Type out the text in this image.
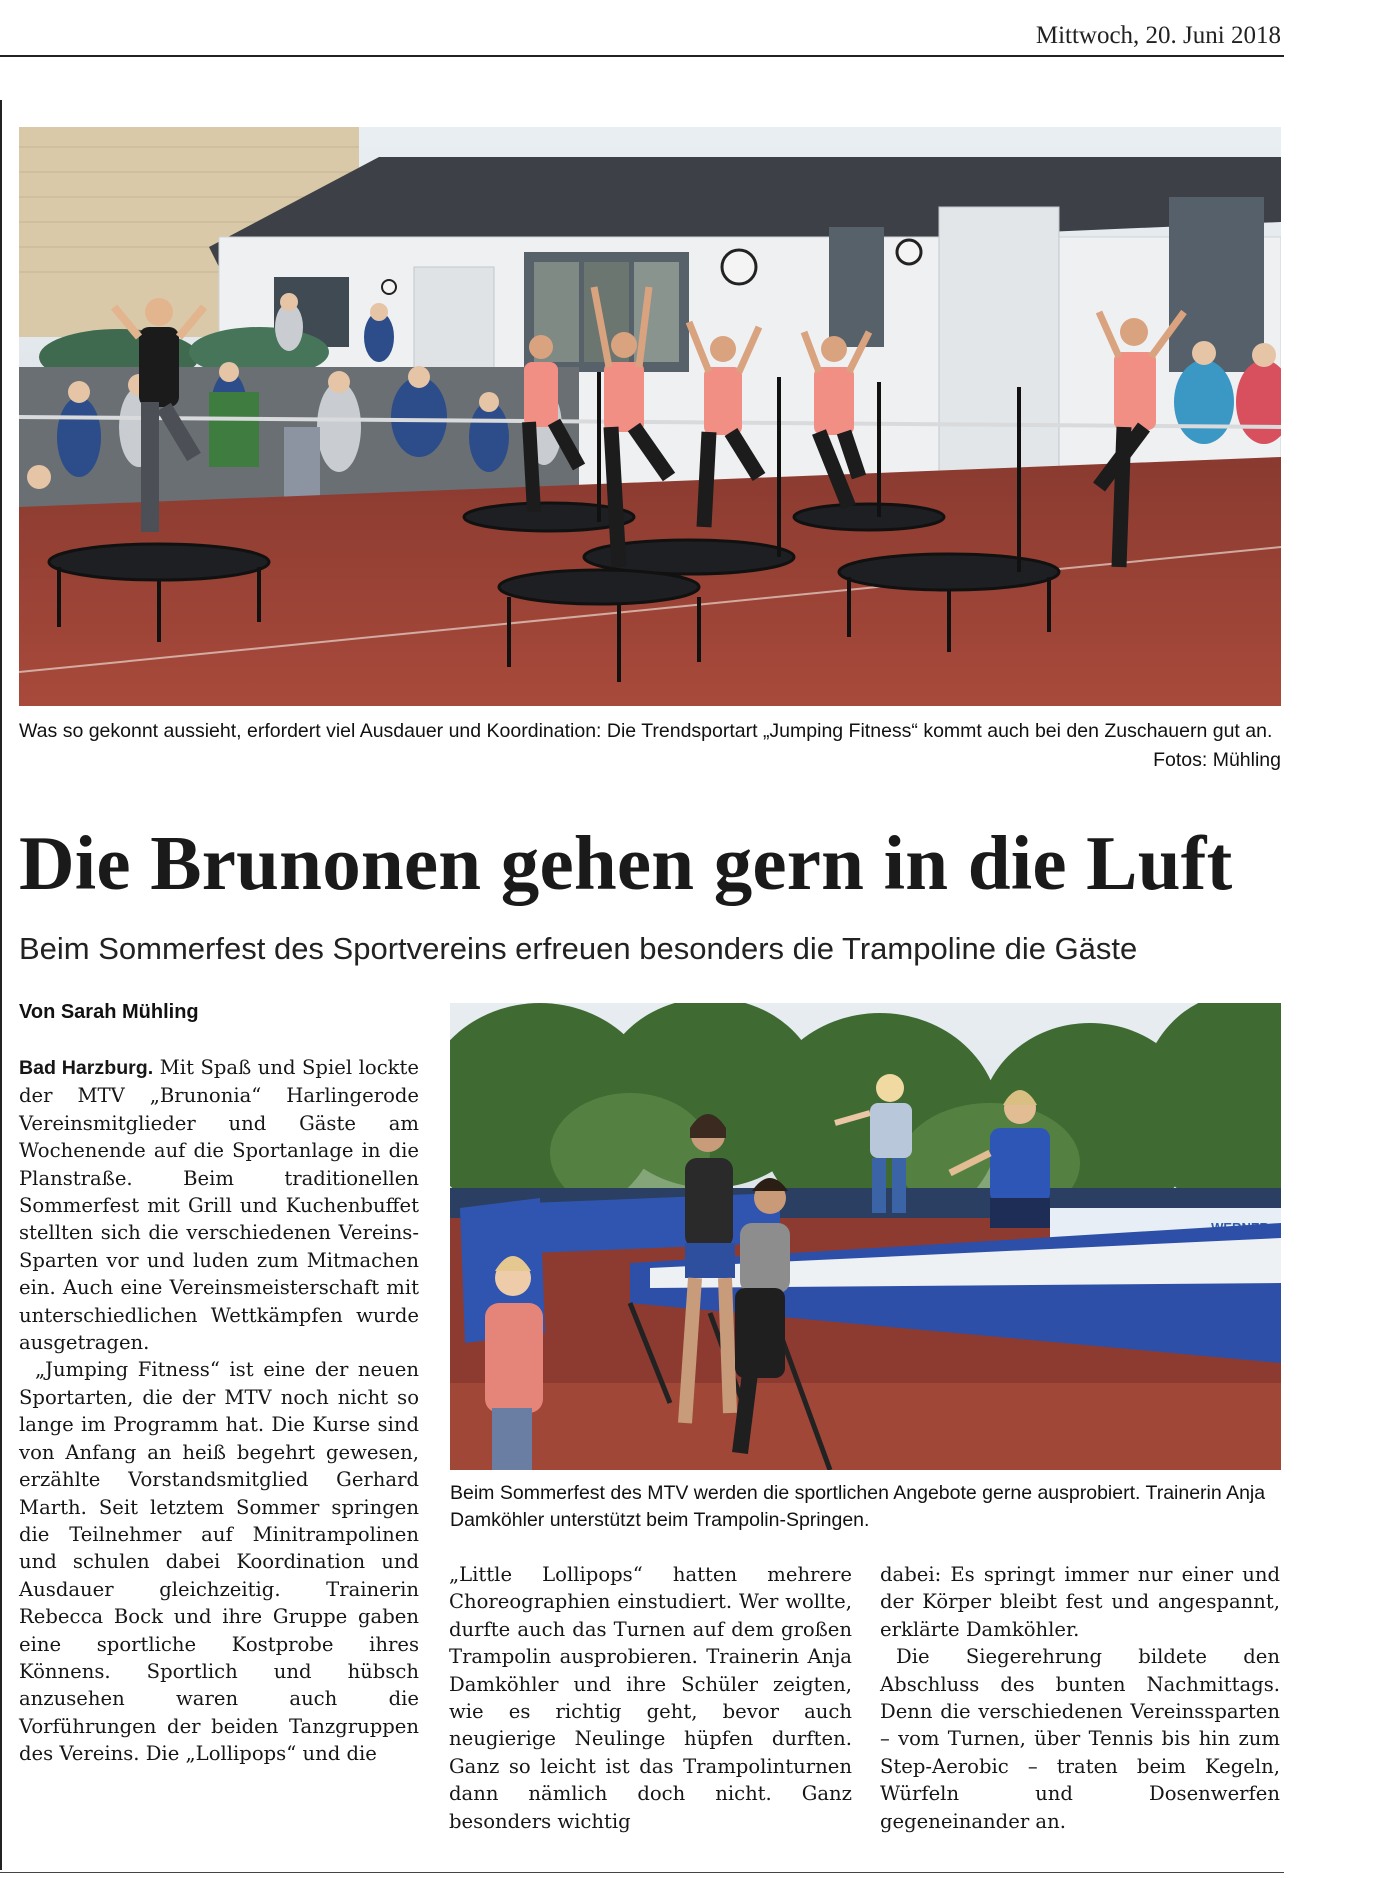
Mittwoch, 20. Juni 2018
Was so gekonnt aussieht, erfordert viel Ausdauer und Koordination: Die Trendsportart „Jumping Fitness“ kommt auch bei den Zuschauern gut an.
Fotos: Mühling
Die Brunonen gehen gern in die Luft
Beim Sommerfest des Sportvereins erfreuen besonders die Trampoline die Gäste
Von Sarah Mühling

Bad Harzburg. Mit Spaß und Spiel lockte der MTV „Brunonia“ Harlingerode Vereinsmitglieder und Gäste am Wochenende auf die Sportanlage in die Planstraße. Beim traditionellen Sommerfest mit Grill und Kuchenbuffet stellten sich die verschiedenen Vereins-Sparten vor und luden zum Mitmachen ein. Auch eine Vereinsmeisterschaft mit unterschiedlichen Wettkämpfen wurde ausgetragen.

„Jumping Fitness“ ist eine der neuen Sportarten, die der MTV noch nicht so lange im Programm hat. Die Kurse sind von Anfang an heiß begehrt gewesen, erzählte Vorstandsmitglied Gerhard Marth. Seit letztem Sommer springen die Teilnehmer auf Minitrampolinen und schulen dabei Koordination und Ausdauer gleichzeitig. Trainerin Rebecca Bock und ihre Gruppe gaben eine sportliche Kostprobe ihres Könnens. Sportlich und hübsch anzusehen waren auch die Vorführungen der beiden Tanzgruppen des Vereins. Die „Lollipops“ und die

Beim Sommerfest des MTV werden die sportlichen Angebote gerne ausprobiert. Trainerin Anja Damköhler unterstützt beim Trampolin-Springen.

„Little Lollipops“ hatten mehrere Choreographien einstudiert. Wer wollte, durfte auch das Turnen auf dem großen Trampolin ausprobieren. Trainerin Anja Damköhler und ihre Schüler zeigten, wie es richtig geht, bevor auch neugierige Neulinge hüpfen durften. Ganz so leicht ist das Trampolinturnen dann nämlich doch nicht. Ganz besonders wichtig

dabei: Es springt immer nur einer und der Körper bleibt fest und angespannt, erklärte Damköhler.

Die Siegerehrung bildete den Abschluss des bunten Nachmittags. Denn die verschiedenen Vereinssparten – vom Turnen, über Tennis bis hin zum Step-Aerobic – traten beim Kegeln, Würfeln und Dosenwerfen gegeneinander an.
